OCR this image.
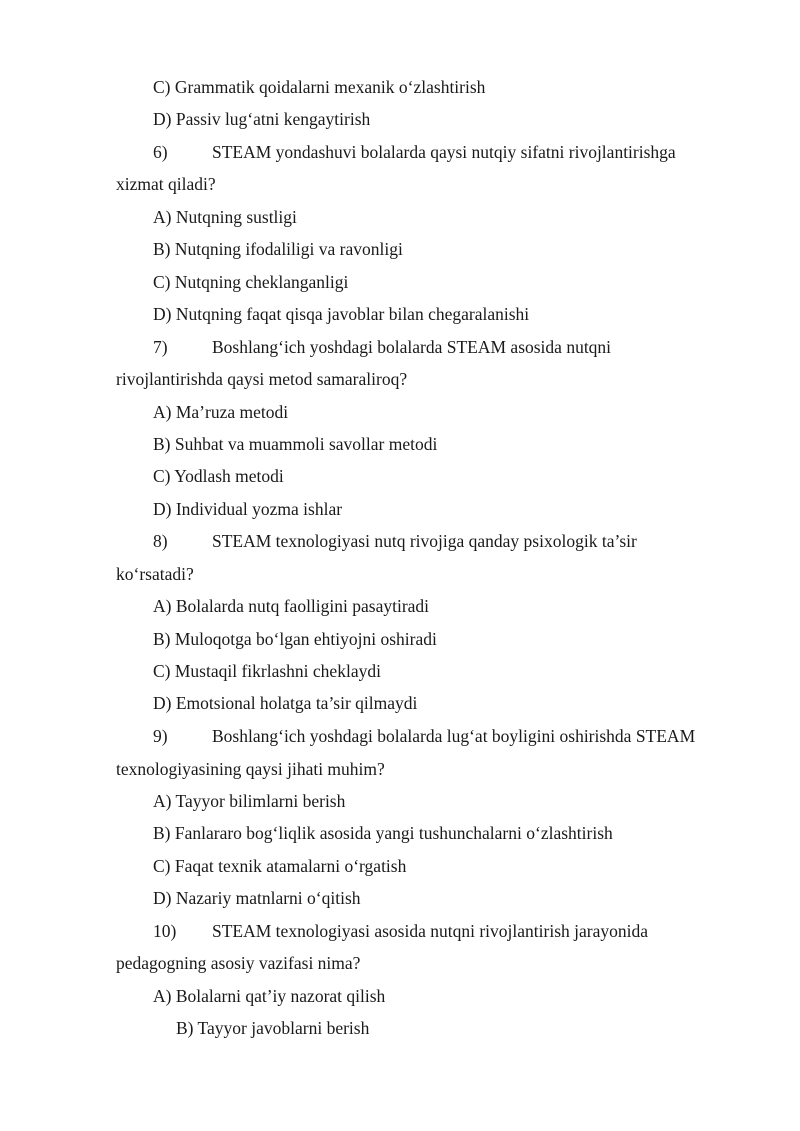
C) Grammatik qoidalarni mexanik o‘zlashtirish
D) Passiv lug‘atni kengaytirish
6)	STEAM yondashuvi bolalarda qaysi nutqiy sifatni rivojlantirishga
xizmat qiladi?
A) Nutqning sustligi
B) Nutqning ifodaliligi va ravonligi
C) Nutqning cheklanganligi
D) Nutqning faqat qisqa javoblar bilan chegaralanishi
7)	Boshlang‘ich yoshdagi bolalarda STEAM asosida nutqni
rivojlantirishda qaysi metod samaraliroq?
A) Ma’ruza metodi
B) Suhbat va muammoli savollar metodi
C) Yodlash metodi
D) Individual yozma ishlar
8)	STEAM texnologiyasi nutq rivojiga qanday psixologik ta’sir
ko‘rsatadi?
A) Bolalarda nutq faolligini pasaytiradi
B) Muloqotga bo‘lgan ehtiyojni oshiradi
C) Mustaqil fikrlashni cheklaydi
D) Emotsional holatga ta’sir qilmaydi
9)	Boshlang‘ich yoshdagi bolalarda lug‘at boyligini oshirishda STEAM
texnologiyasining qaysi jihati muhim?
A) Tayyor bilimlarni berish
B) Fanlararo bog‘liqlik asosida yangi tushunchalarni o‘zlashtirish
C) Faqat texnik atamalarni o‘rgatish
D) Nazariy matnlarni o‘qitish
10) STEAM texnologiyasi asosida nutqni rivojlantirish jarayonida
pedagogning asosiy vazifasi nima?
A) Bolalarni qat’iy nazorat qilish
B) Tayyor javoblarni berish
